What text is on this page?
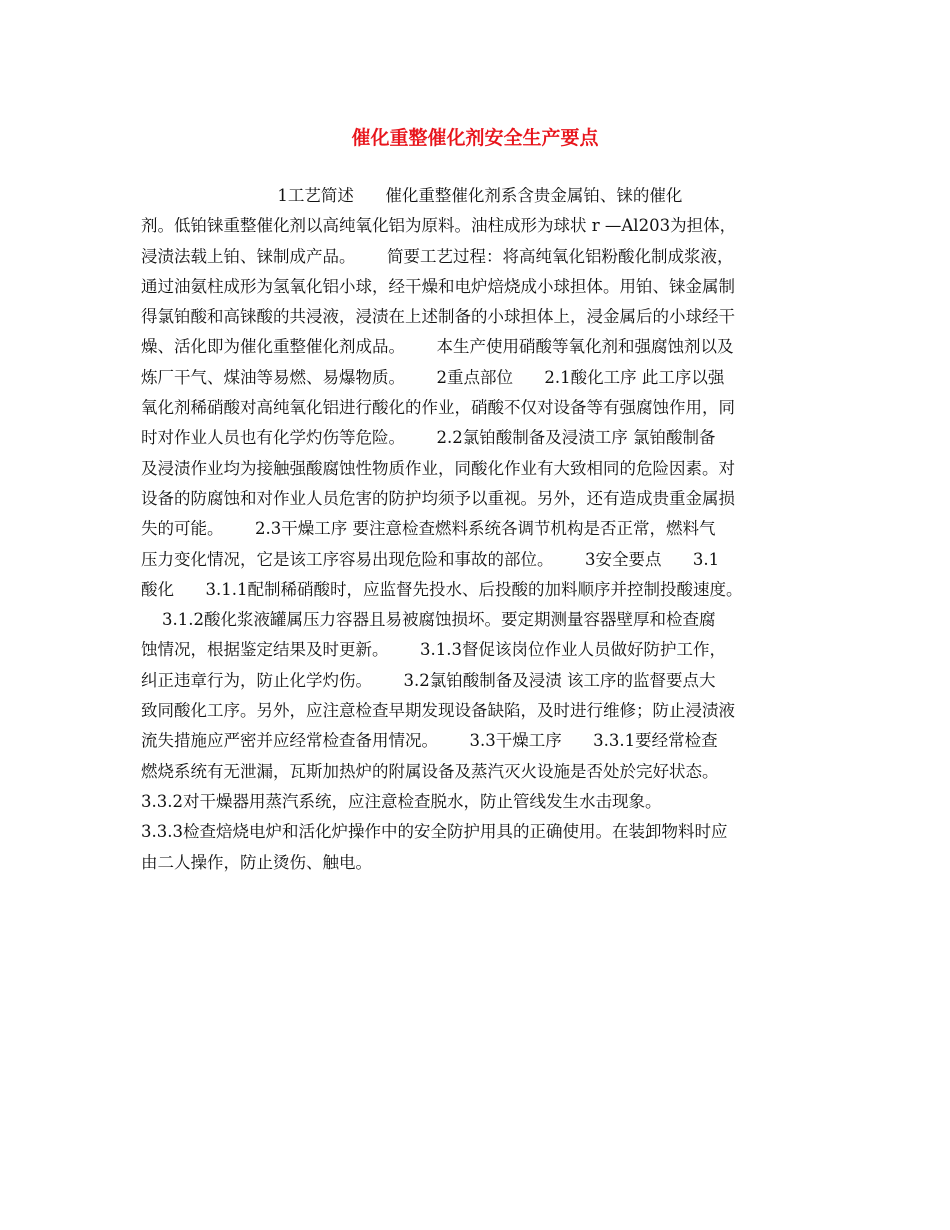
催化重整催化剂安全生产要点
1工艺简述      催化重整催化剂系含贵金属铂、铼的催化
剂。低铂铼重整催化剂以高纯氧化铝为原料。油柱成形为球状 r —Al203为担体，
浸渍法载上铂、铼制成产品。      简要工艺过程：将高纯氧化铝粉酸化制成浆液，
通过油氨柱成形为氢氧化铝小球，经干燥和电炉焙烧成小球担体。用铂、铼金属制
得氯铂酸和高铼酸的共浸液，浸渍在上述制备的小球担体上，浸金属后的小球经干
燥、活化即为催化重整催化剂成品。      本生产使用硝酸等氧化剂和强腐蚀剂以及
炼厂干气、煤油等易燃、易爆物质。      2重点部位      2.1酸化工序 此工序以强
氧化剂稀硝酸对高纯氧化铝进行酸化的作业，硝酸不仅对设备等有强腐蚀作用，同
时对作业人员也有化学灼伤等危险。      2.2氯铂酸制备及浸渍工序 氯铂酸制备
及浸渍作业均为接触强酸腐蚀性物质作业，同酸化作业有大致相同的危险因素。对
设备的防腐蚀和对作业人员危害的防护均须予以重视。另外，还有造成贵重金属损
失的可能。      2.3干燥工序 要注意检查燃料系统各调节机构是否正常，燃料气
压力变化情况，它是该工序容易出现危险和事故的部位。      3安全要点      3.1
酸化      3.1.1配制稀硝酸时，应监督先投水、后投酸的加料顺序并控制投酸速度。
3.1.2酸化浆液罐属压力容器且易被腐蚀损坏。要定期测量容器壁厚和检查腐
蚀情况，根据鉴定结果及时更新。      3.1.3督促该岗位作业人员做好防护工作，
纠正违章行为，防止化学灼伤。      3.2氯铂酸制备及浸渍 该工序的监督要点大
致同酸化工序。另外，应注意检查早期发现设备缺陷，及时进行维修；防止浸渍液
流失措施应严密并应经常检查备用情况。      3.3干燥工序      3.3.1要经常检查
燃烧系统有无泄漏，瓦斯加热炉的附属设备及蒸汽灭火设施是否处於完好状态。
3.3.2对干燥器用蒸汽系统，应注意检查脱水，防止管线发生水击现象。
3.3.3检查焙烧电炉和活化炉操作中的安全防护用具的正确使用。在装卸物料时应
由二人操作，防止烫伤、触电。
